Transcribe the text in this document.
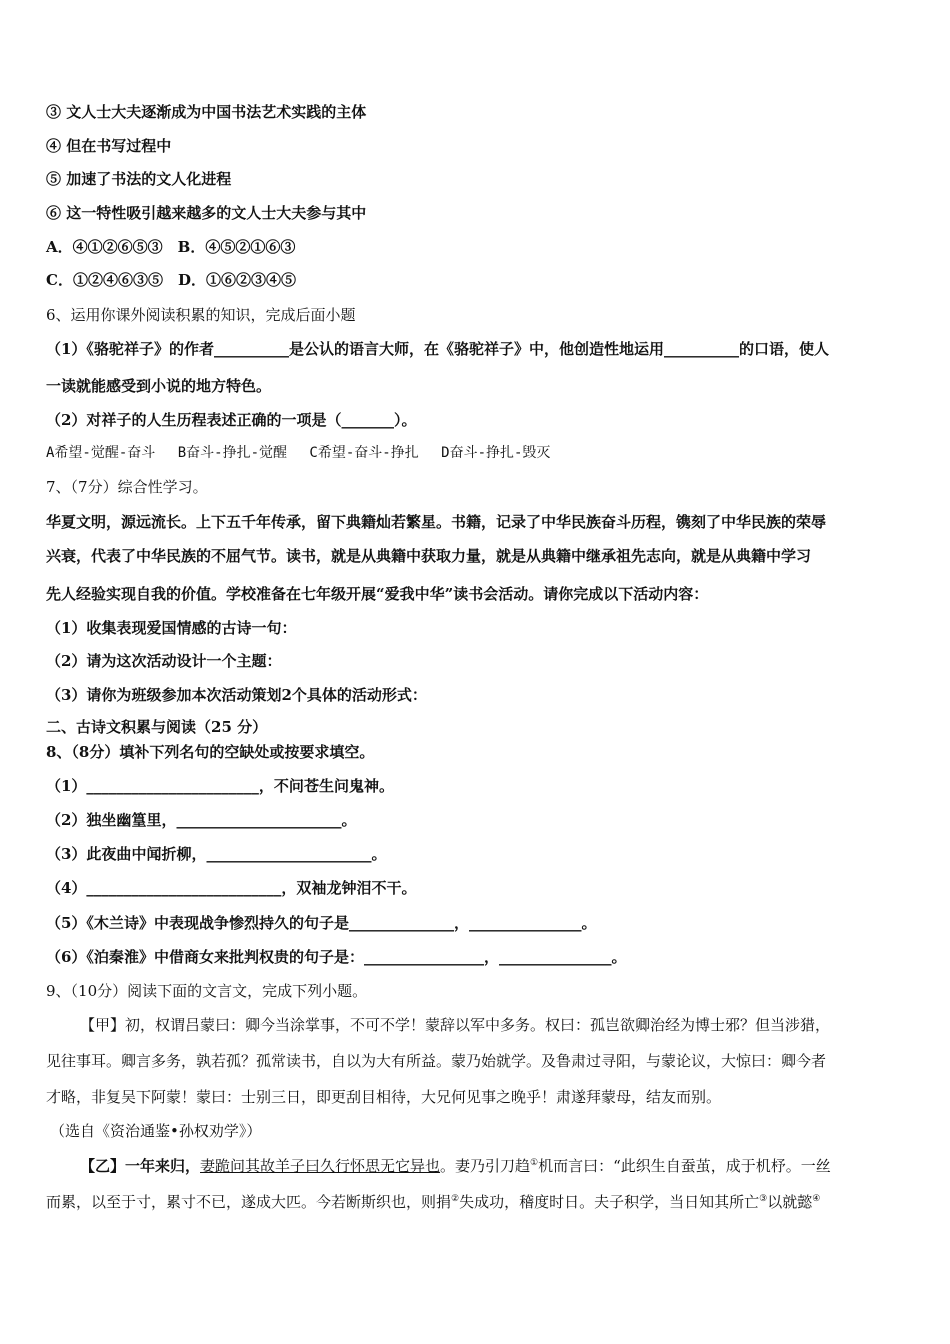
③ 文人士大夫逐渐成为中国书法艺术实践的主体
④ 但在书写过程中
⑤ 加速了书法的文人化进程
⑥ 这一特性吸引越来越多的文人士大夫参与其中
A．④①②⑥⑤③　B．④⑤②①⑥③
C．①②④⑥③⑤　D．①⑥②③④⑤
6、运用你课外阅读积累的知识，完成后面小题
（1）《骆驼祥子》的作者__________是公认的语言大师，在《骆驼祥子》中，他创造性地运用__________的口语，使人
一读就能感受到小说的地方特色。
（2）对祥子的人生历程表述正确的一项是（_______）。
A希望-觉醒-奋斗　 B奋斗-挣扎-觉醒　 C希望-奋斗-挣扎　 D奋斗-挣扎-毁灭
7、（7分）综合性学习。
华夏文明，源远流长。上下五千年传承，留下典籍灿若繁星。书籍，记录了中华民族奋斗历程，镌刻了中华民族的荣辱
兴衰，代表了中华民族的不屈气节。读书，就是从典籍中获取力量，就是从典籍中继承祖先志向，就是从典籍中学习
先人经验实现自我的价值。学校准备在七年级开展“爱我中华”读书会活动。请你完成以下活动内容：
（1）收集表现爱国情感的古诗一句：
（2）请为这次活动设计一个主题：
（3）请你为班级参加本次活动策划2个具体的活动形式：
二、古诗文积累与阅读（25 分）
8、（8分）填补下列名句的空缺处或按要求填空。
（1）_______________________，不问苍生问鬼神。
（2）独坐幽篁里，______________________。
（3）此夜曲中闻折柳，______________________。
（4）__________________________，双袖龙钟泪不干。
（5）《木兰诗》中表现战争惨烈持久的句子是______________，_______________。
（6）《泊秦淮》中借商女来批判权贵的句子是：________________，_______________。
9、（10分）阅读下面的文言文，完成下列小题。
【甲】初，权谓吕蒙曰：卿今当涂掌事，不可不学！蒙辞以军中多务。权曰：孤岂欲卿治经为博士邪？但当涉猎，
见往事耳。卿言多务，孰若孤？孤常读书，自以为大有所益。蒙乃始就学。及鲁肃过寻阳，与蒙论议，大惊曰：卿今者
才略，非复吴下阿蒙！蒙曰：士别三日，即更刮目相待，大兄何见事之晚乎！肃遂拜蒙母，结友而别。
（选自《资治通鉴•孙权劝学》）
【乙】一年来归，妻跪问其故羊子曰久行怀思无它异也。妻乃引刀趋①机而言曰：“此织生自蚕茧，成于机杼。一丝
而累，以至于寸，累寸不已，遂成大匹。今若断斯织也，则捐②失成功，稽度时日。夫子积学，当日知其所亡③以就懿④
